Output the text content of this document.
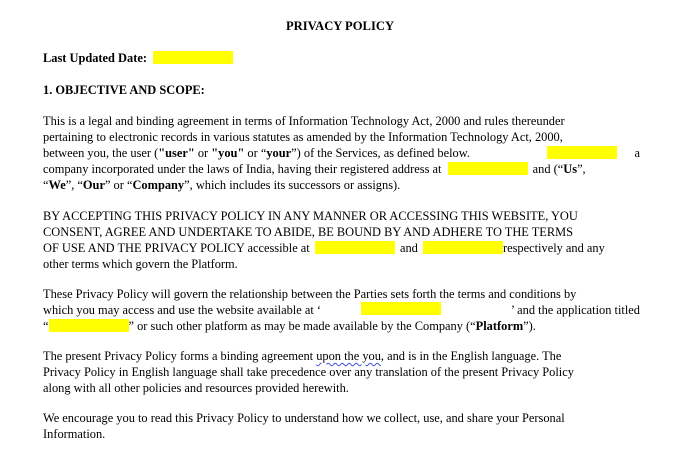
PRIVACY POLICY
Last Updated Date:
1. OBJECTIVE AND SCOPE:
This is a legal and binding agreement in terms of Information Technology Act, 2000 and rules thereunder
pertaining to electronic records in various statutes as amended by the Information Technology Act, 2000,
between you, the user ("user" or "you" or “your”) of the Services, as defined below.	a
company incorporated under the laws of India, having their registered address at	and (“Us”,
“We”, “Our” or “Company”, which includes its successors or assigns).
BY ACCEPTING THIS PRIVACY POLICY IN ANY MANNER OR ACCESSING THIS WEBSITE, YOU
CONSENT, AGREE AND UNDERTAKE TO ABIDE, BE BOUND BY AND ADHERE TO THE TERMS
OF USE AND THE PRIVACY POLICY accessible at	and	respectively and any
other terms which govern the Platform.
These Privacy Policy will govern the relationship between the Parties sets forth the terms and conditions by
which you may access and use the website available at ‘	’ and the application titled
“	” or such other platform as may be made available by the Company (“Platform”).
The present Privacy Policy forms a binding agreement upon the you, and is in the English language. The
Privacy Policy in English language shall take precedence over any translation of the present Privacy Policy
along with all other policies and resources provided herewith.
We encourage you to read this Privacy Policy to understand how we collect, use, and share your Personal
Information.
